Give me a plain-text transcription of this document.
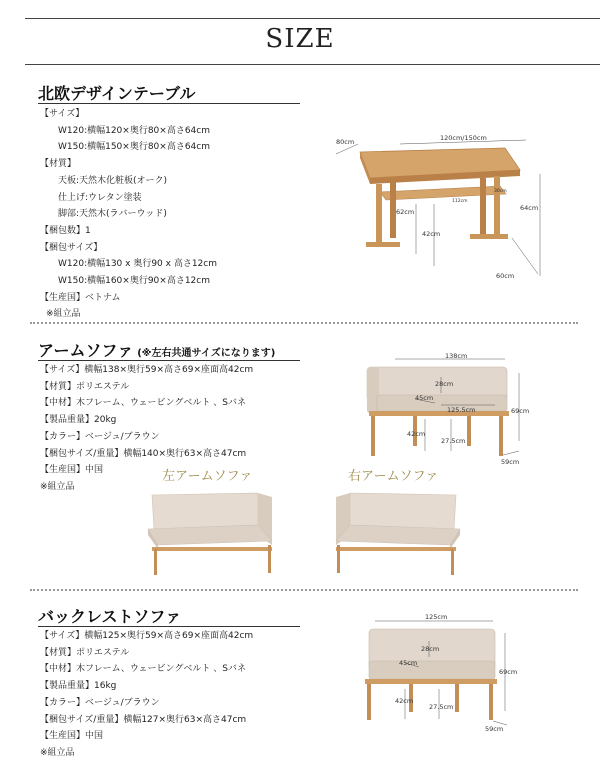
SIZE
北欧デザインテーブル
【サイズ】
W120:横幅120×奥行80×高さ64cm
W150:横幅150×奥行80×高さ64cm
【材質】
天板:天然木化粧板(オーク)
仕上げ:ウレタン塗装
脚部:天然木(ラバーウッド)
【梱包数】1
【梱包サイズ】
W120:横幅130 x 奥行90 x 高さ12cm
W150:横幅160×奥行90×高さ12cm
【生産国】ベトナム
※組立品
80cm	120cm/150cm
30cm
112cm
62cm
42cm
64cm
60cm
アームソファ (※左右共通サイズになります)
【サイズ】横幅138×奥行59×高さ69×座面高42cm
【材質】ポリエステル
【中材】木フレーム、ウェービングベルト 、Sバネ
【製品重量】20kg
【カラー】ベージュ/ブラウン
【梱包サイズ/重量】横幅140×奥行63×高さ47cm
【生産国】中国
※組立品
138cm
28cm
45cm
125.5cm	69cm
42cm
27.5cm
59cm
左アームソファ	右アームソファ
バックレストソファ
【サイズ】横幅125×奥行59×高さ69×座面高42cm
【材質】ポリエステル
【中材】木フレーム、ウェービングベルト 、Sバネ
【製品重量】16kg
【カラー】ベージュ/ブラウン
【梱包サイズ/重量】横幅127×奥行63×高さ47cm
【生産国】中国
※組立品
125cm
28cm
45cm
69cm
42cm
27.5cm
59cm
